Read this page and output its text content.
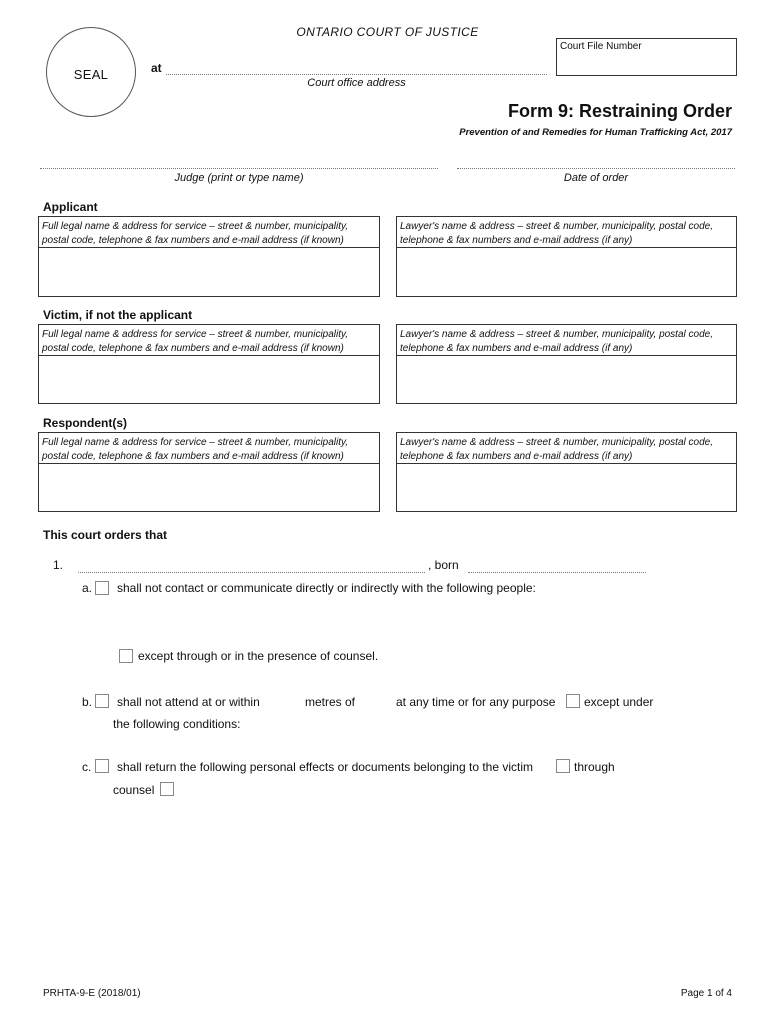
SEAL
ONTARIO COURT OF JUSTICE
at
Court office address
Court File Number
Form 9: Restraining Order
Prevention of and Remedies for Human Trafficking Act, 2017
Judge (print or type name)	Date of order
Applicant
Full legal name & address for service – street & number, municipality, postal code, telephone & fax numbers and e-mail address (if known)
Lawyer's name & address – street & number, municipality, postal code, telephone & fax numbers and e-mail address (if any)
Victim, if not the applicant
Full legal name & address for service – street & number, municipality, postal code, telephone & fax numbers and e-mail address (if known)
Lawyer's name & address – street & number, municipality, postal code, telephone & fax numbers and e-mail address (if any)
Respondent(s)
Full legal name & address for service – street & number, municipality, postal code, telephone & fax numbers and e-mail address (if known)
Lawyer's name & address – street & number, municipality, postal code, telephone & fax numbers and e-mail address (if any)
This court orders that
1.	, born
a. shall not contact or communicate directly or indirectly with the following people:
except through or in the presence of counsel.
b. shall not attend at or within	metres of	at any time or for any purpose except under
the following conditions:
c. shall return the following personal effects or documents belonging to the victim	through
counsel
PRHTA-9-E (2018/01)	Page 1 of 4
